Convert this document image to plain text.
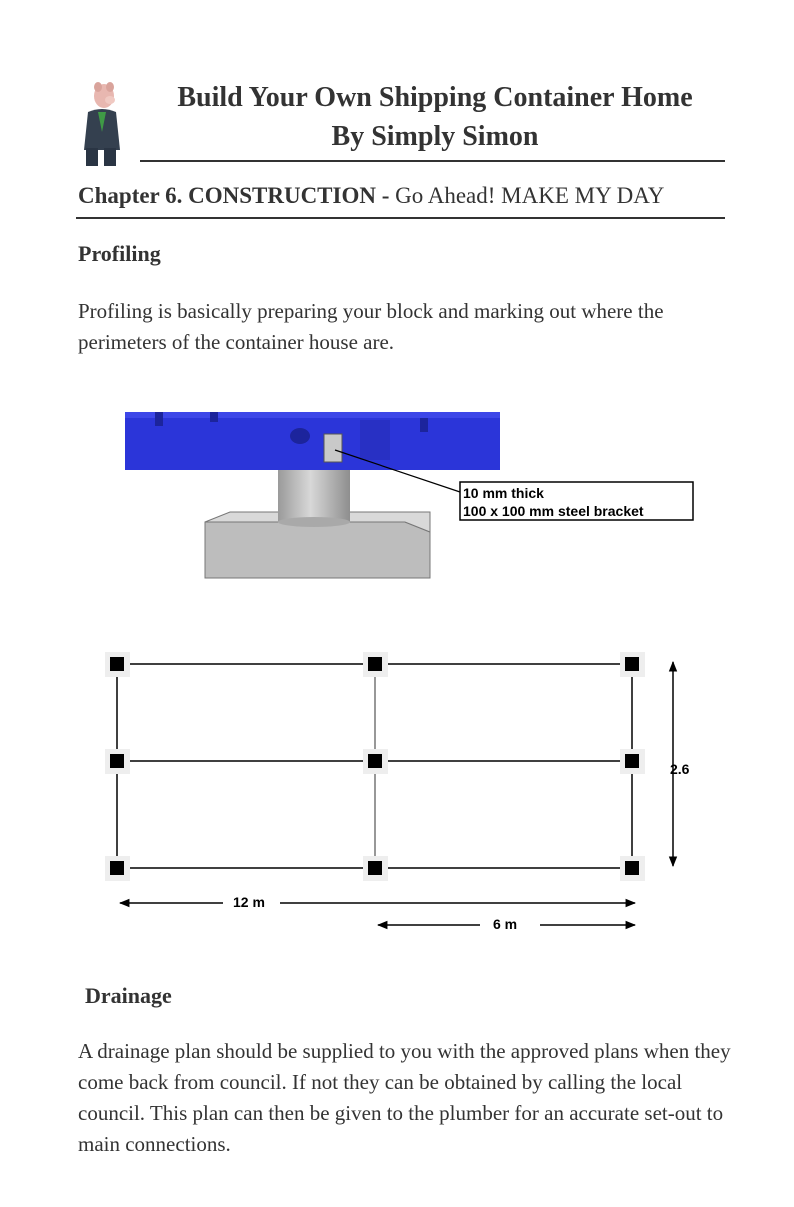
Build Your Own Shipping Container Home
By Simply Simon
Chapter 6. CONSTRUCTION - Go Ahead! MAKE MY DAY
Profiling
Profiling is basically preparing your block and marking out where the perimeters of the container house are.
10 mm thick
100 x 100 mm steel bracket
2.6
12 m
6 m
Drainage
A drainage plan should be supplied to you with the approved plans when they come back from council. If not they can be obtained by calling the local council. This plan can then be given to the plumber for an accurate set-out to main connections.
